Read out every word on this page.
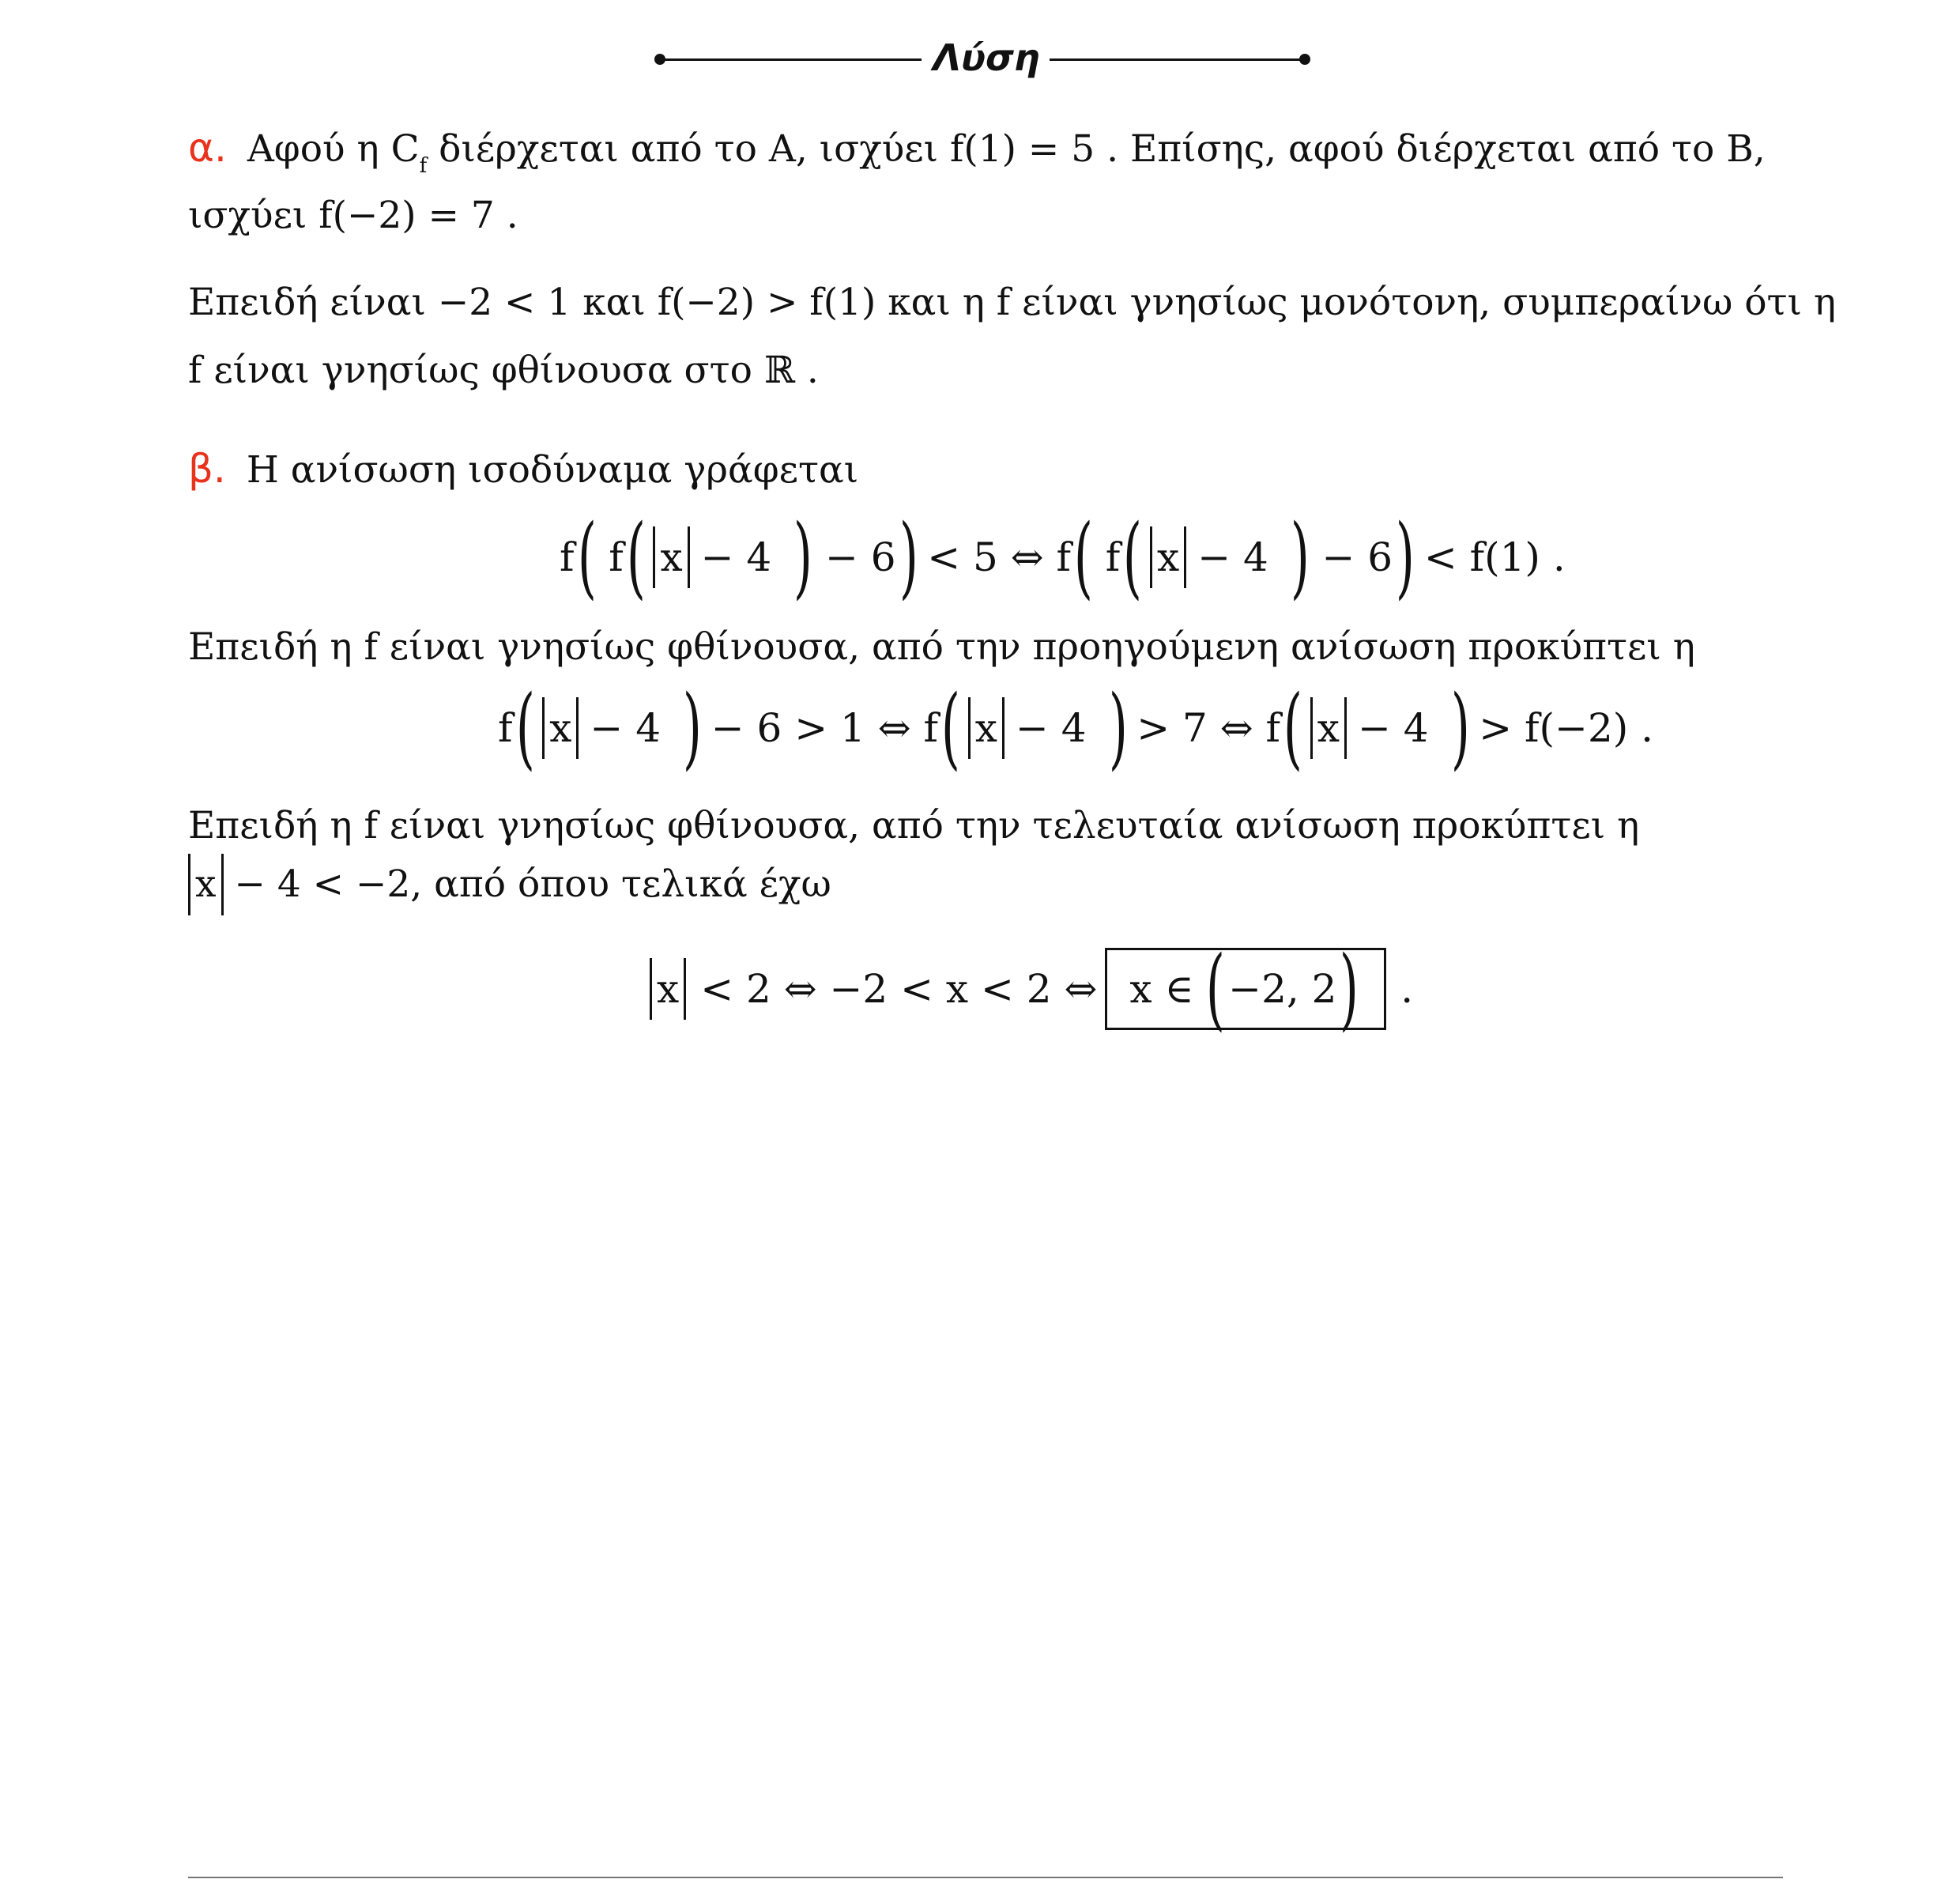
Λύση
α. Αφού η $C_f$ διέρχεται από το Α, ισχύει f(1) = 5 . Επίσης, αφού διέρχεται από το Β,
ισχύει f(−2) = 7 .
Επειδή είναι −2 < 1 και f(−2) > f(1) και η f είναι γνησίως μονότονη, συμπεραίνω ότι η
f είναι γνησίως φθίνουσα στο ℝ .
β. Η ανίσωση ισοδύναμα γράφεται
f ( f ( x − 4 ) − 6 ) < 5 ⇔ f ( f ( x − 4 ) − 6 ) < f(1) .
Επειδή η f είναι γνησίως φθίνουσα, από την προηγούμενη ανίσωση προκύπτει η
f ( x − 4 ) − 6 > 1 ⇔ f ( x − 4 ) > 7 ⇔ f ( x − 4 ) > f(−2) .
Επειδή η f είναι γνησίως φθίνουσα, από την τελευταία ανίσωση προκύπτει η
x − 4 < −2, από όπου τελικά έχω
x < 2 ⇔ −2 < x < 2 ⇔ x ∈ ( −2, 2 ) .
